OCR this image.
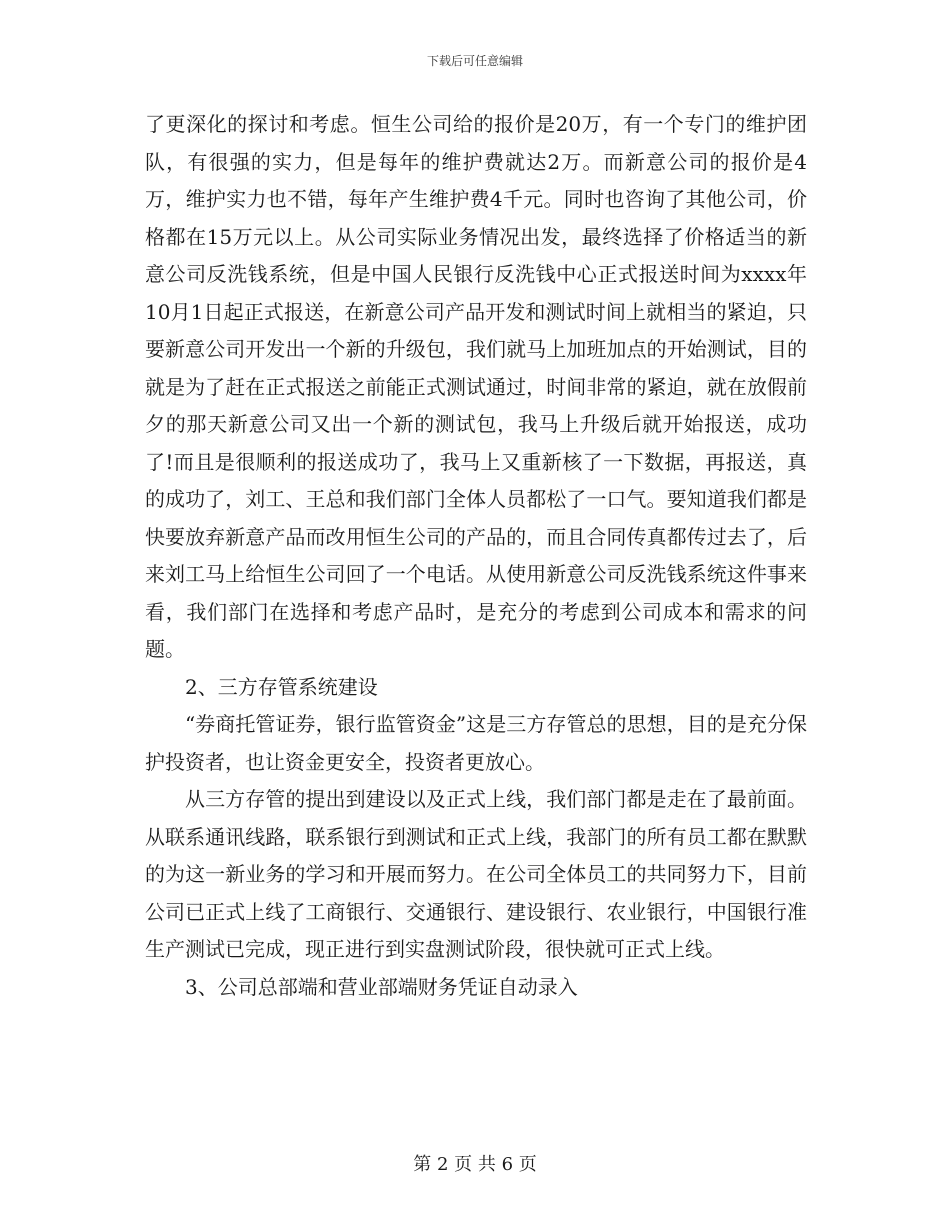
下载后可任意编辑

了更深化的探讨和考虑。恒生公司给的报价是20万，有一个专门的维护团队，有很强的实力，但是每年的维护费就达2万。而新意公司的报价是4万，维护实力也不错，每年产生维护费4千元。同时也咨询了其他公司，价格都在15万元以上。从公司实际业务情况出发，最终选择了价格适当的新意公司反洗钱系统，但是中国人民银行反洗钱中心正式报送时间为xxxx年10月1日起正式报送，在新意公司产品开发和测试时间上就相当的紧迫，只要新意公司开发出一个新的升级包，我们就马上加班加点的开始测试，目的就是为了赶在正式报送之前能正式测试通过，时间非常的紧迫，就在放假前夕的那天新意公司又出一个新的测试包，我马上升级后就开始报送，成功了!而且是很顺利的报送成功了，我马上又重新核了一下数据，再报送，真的成功了，刘工、王总和我们部门全体人员都松了一口气。要知道我们都是快要放弃新意产品而改用恒生公司的产品的，而且合同传真都传过去了，后来刘工马上给恒生公司回了一个电话。从使用新意公司反洗钱系统这件事来看，我们部门在选择和考虑产品时，是充分的考虑到公司成本和需求的问题。

2、三方存管系统建设

“券商托管证券，银行监管资金”这是三方存管总的思想，目的是充分保护投资者，也让资金更安全，投资者更放心。

从三方存管的提出到建设以及正式上线，我们部门都是走在了最前面。从联系通讯线路，联系银行到测试和正式上线，我部门的所有员工都在默默的为这一新业务的学习和开展而努力。在公司全体员工的共同努力下，目前公司已正式上线了工商银行、交通银行、建设银行、农业银行，中国银行准生产测试已完成，现正进行到实盘测试阶段，很快就可正式上线。

3、公司总部端和营业部端财务凭证自动录入

第 2 页 共 6 页
